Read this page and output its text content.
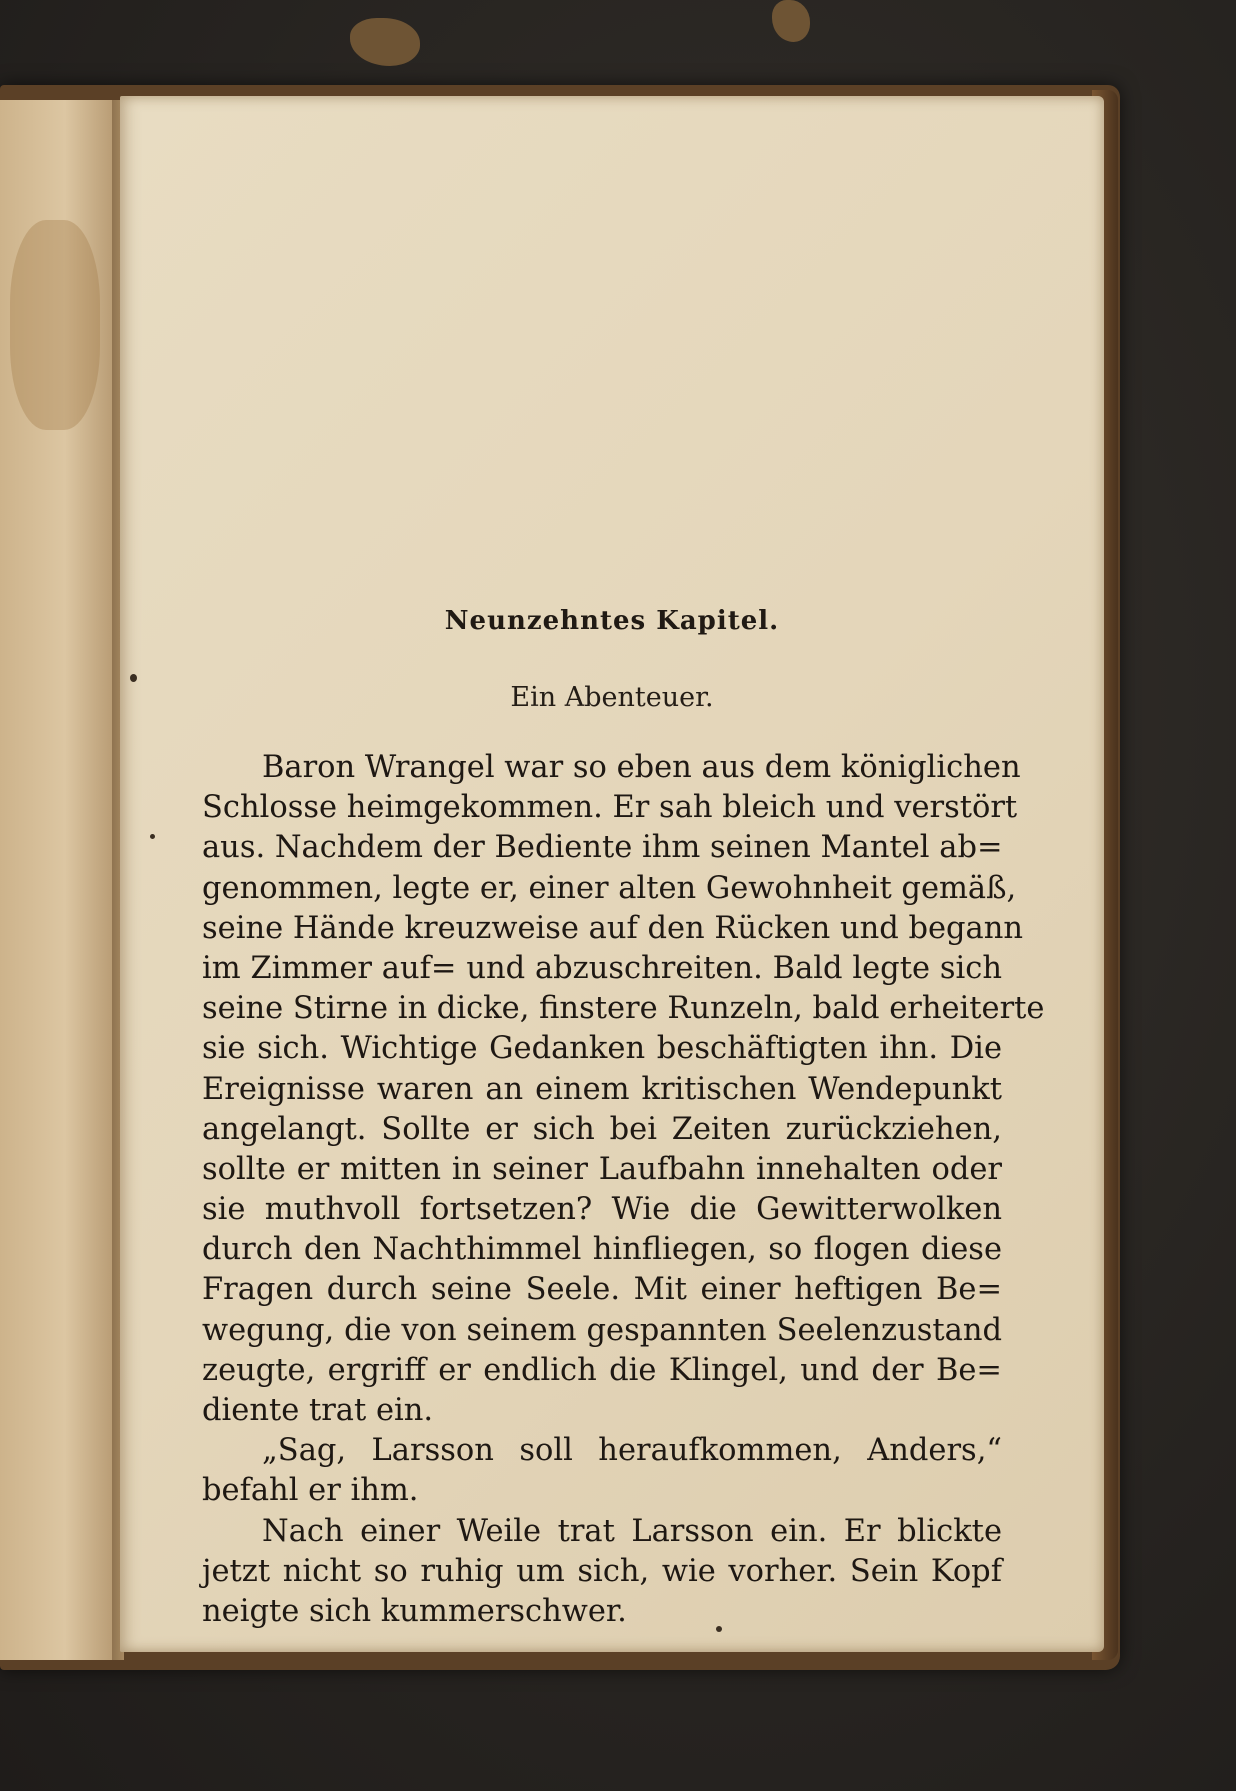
Neunzehntes Kapitel.
Ein Abenteuer.
Baron Wrangel war so eben aus dem königlichen
Schlosse heimgekommen. Er sah bleich und verstört
aus. Nachdem der Bediente ihm seinen Mantel ab=
genommen, legte er, einer alten Gewohnheit gemäß,
seine Hände kreuzweise auf den Rücken und begann
im Zimmer auf= und abzuschreiten. Bald legte sich
seine Stirne in dicke, finstere Runzeln, bald erheiterte
sie sich. Wichtige Gedanken beschäftigten ihn. Die
Ereignisse waren an einem kritischen Wendepunkt
angelangt. Sollte er sich bei Zeiten zurückziehen,
sollte er mitten in seiner Laufbahn innehalten oder
sie muthvoll fortsetzen? Wie die Gewitterwolken
durch den Nachthimmel hinfliegen, so flogen diese
Fragen durch seine Seele. Mit einer heftigen Be=
wegung, die von seinem gespannten Seelenzustand
zeugte, ergriff er endlich die Klingel, und der Be=
diente trat ein.
„Sag, Larsson soll heraufkommen, Anders,“
befahl er ihm.
Nach einer Weile trat Larsson ein. Er blickte
jetzt nicht so ruhig um sich, wie vorher. Sein Kopf
neigte sich kummerschwer.
